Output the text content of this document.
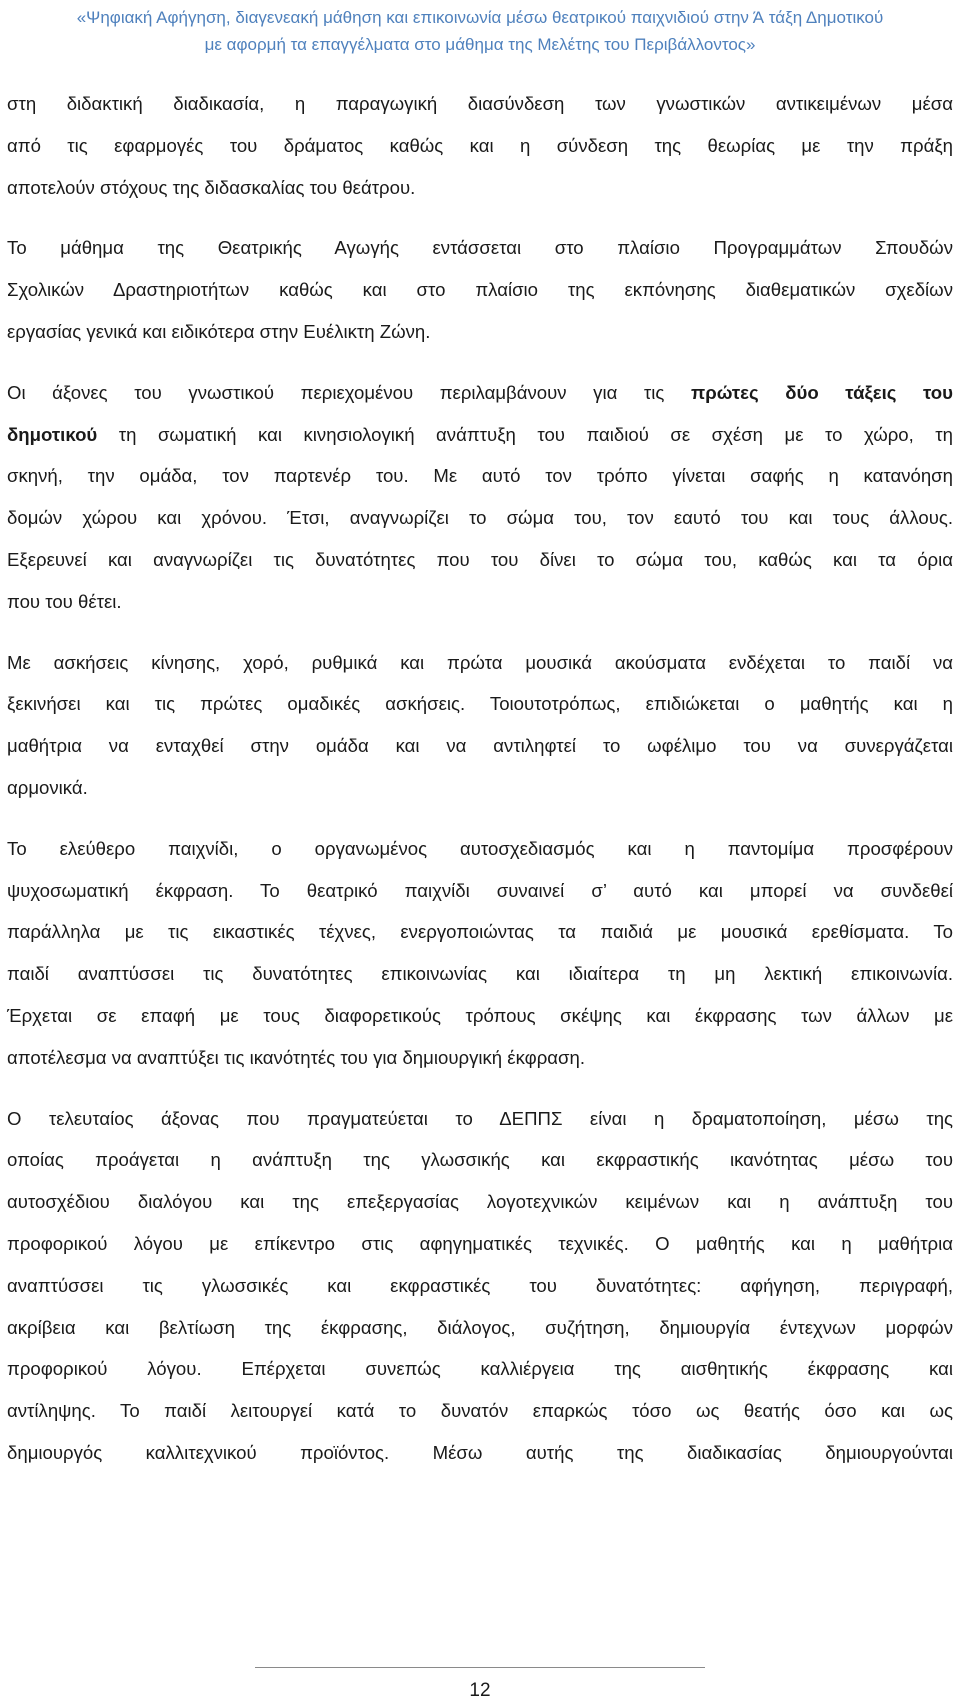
«Ψηφιακή Αφήγηση, διαγενεακή μάθηση και επικοινωνία μέσω θεατρικού παιχνιδιού στην Ά τάξη Δημοτικού
με αφορμή τα επαγγέλματα στο μάθημα της Μελέτης του Περιβάλλοντος»
στη διδακτική διαδικασία, η παραγωγική διασύνδεση των γνωστικών αντικειμένων μέσα
από τις εφαρμογές του δράματος καθώς και η σύνδεση της θεωρίας με την πράξη
αποτελούν στόχους της διδασκαλίας του θεάτρου.
Το μάθημα της Θεατρικής Αγωγής εντάσσεται στο πλαίσιο Προγραμμάτων Σπουδών
Σχολικών Δραστηριοτήτων καθώς και στο πλαίσιο της εκπόνησης διαθεματικών σχεδίων
εργασίας γενικά και ειδικότερα στην Ευέλικτη Ζώνη.
Οι άξονες του γνωστικού περιεχομένου περιλαμβάνουν για τις πρώτες δύο τάξεις του
δημοτικού τη σωματική και κινησιολογική ανάπτυξη του παιδιού σε σχέση με το χώρο, τη
σκηνή, την ομάδα, τον παρτενέρ του. Με αυτό τον τρόπο γίνεται σαφής η κατανόηση
δομών χώρου και χρόνου. Έτσι, αναγνωρίζει το σώμα του, τον εαυτό του και τους άλλους.
Εξερευνεί και αναγνωρίζει τις δυνατότητες που του δίνει το σώμα του, καθώς και τα όρια
που του θέτει.
Με ασκήσεις κίνησης, χορό, ρυθμικά και πρώτα μουσικά ακούσματα ενδέχεται το παιδί να
ξεκινήσει και τις πρώτες ομαδικές ασκήσεις. Τοιουτοτρόπως, επιδιώκεται ο μαθητής και η
μαθήτρια να ενταχθεί στην ομάδα και να αντιληφτεί το ωφέλιμο του να συνεργάζεται
αρμονικά.
Το ελεύθερο παιχνίδι, ο οργανωμένος αυτοσχεδιασμός και η παντομίμα προσφέρουν
ψυχοσωματική έκφραση. Το θεατρικό παιχνίδι συναινεί σ’ αυτό και μπορεί να συνδεθεί
παράλληλα με τις εικαστικές τέχνες, ενεργοποιώντας τα παιδιά με μουσικά ερεθίσματα. Το
παιδί αναπτύσσει τις δυνατότητες επικοινωνίας και ιδιαίτερα τη μη λεκτική επικοινωνία.
Έρχεται σε επαφή με τους διαφορετικούς τρόπους σκέψης και έκφρασης των άλλων με
αποτέλεσμα να αναπτύξει τις ικανότητές του για δημιουργική έκφραση.
Ο τελευταίος άξονας που πραγματεύεται το ΔΕΠΠΣ είναι η δραματοποίηση, μέσω της
οποίας προάγεται η ανάπτυξη της γλωσσικής και εκφραστικής ικανότητας μέσω του
αυτοσχέδιου διαλόγου και της επεξεργασίας λογοτεχνικών κειμένων και η ανάπτυξη του
προφορικού λόγου με επίκεντρο στις αφηγηματικές τεχνικές. Ο μαθητής και η μαθήτρια
αναπτύσσει τις γλωσσικές και εκφραστικές του δυνατότητες: αφήγηση, περιγραφή,
ακρίβεια και βελτίωση της έκφρασης, διάλογος, συζήτηση, δημιουργία έντεχνων μορφών
προφορικού λόγου. Επέρχεται συνεπώς καλλιέργεια της αισθητικής έκφρασης και
αντίληψης. Το παιδί λειτουργεί κατά το δυνατόν επαρκώς τόσο ως θεατής όσο και ως
δημιουργός καλλιτεχνικού προϊόντος. Μέσω αυτής της διαδικασίας δημιουργούνται
12
